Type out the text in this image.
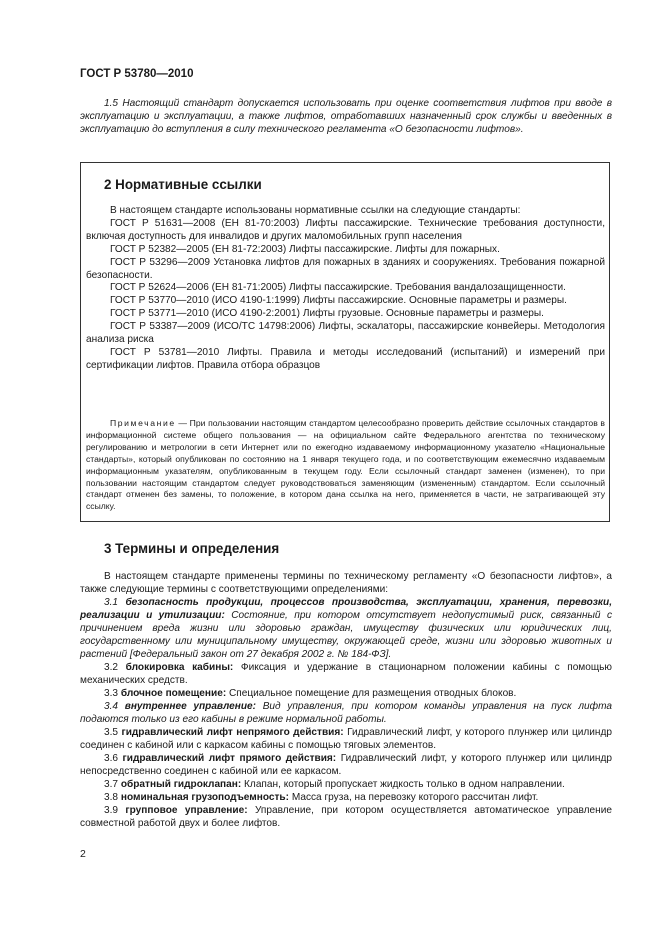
ГОСТ Р 53780—2010

1.5 Настоящий стандарт допускается использовать при оценке соответствия лифтов при вводе в эксплуатацию и эксплуатации, а также лифтов, отработавших назначенный срок службы и введенных в эксплуатацию до вступления в силу технического регламента «О безопасности лифтов».

2 Нормативные ссылки

В настоящем стандарте использованы нормативные ссылки на следующие стандарты:

ГОСТ Р 51631—2008 (ЕН 81-70:2003) Лифты пассажирские. Технические требования доступности, включая доступность для инвалидов и других маломобильных групп населения

ГОСТ Р 52382—2005 (ЕН 81-72:2003) Лифты пассажирские. Лифты для пожарных.

ГОСТ Р 53296—2009 Установка лифтов для пожарных в зданиях и сооружениях. Требования пожарной безопасности.

ГОСТ Р 52624—2006 (ЕН 81-71:2005) Лифты пассажирские. Требования вандалозащищенности.

ГОСТ Р 53770—2010 (ИСО 4190-1:1999) Лифты пассажирские. Основные параметры и размеры.

ГОСТ Р 53771—2010 (ИСО 4190-2:2001) Лифты грузовые. Основные параметры и размеры.

ГОСТ Р 53387—2009 (ИСО/ТС 14798:2006) Лифты, эскалаторы, пассажирские конвейеры. Методология анализа риска

ГОСТ Р 53781—2010 Лифты. Правила и методы исследований (испытаний) и измерений при сертификации лифтов. Правила отбора образцов

Примечание — При пользовании настоящим стандартом целесообразно проверить действие ссылочных стандартов в информационной системе общего пользования — на официальном сайте Федерального агентства по техническому регулированию и метрологии в сети Интернет или по ежегодно издаваемому информационному указателю «Национальные стандарты», который опубликован по состоянию на 1 января текущего года, и по соответствующим ежемесячно издаваемым информационным указателям, опубликованным в текущем году. Если ссылочный стандарт заменен (изменен), то при пользовании настоящим стандартом следует руководствоваться заменяющим (измененным) стандартом. Если ссылочный стандарт отменен без замены, то положение, в котором дана ссылка на него, применяется в части, не затрагивающей эту ссылку.

3 Термины и определения

В настоящем стандарте применены термины по техническому регламенту «О безопасности лифтов», а также следующие термины с соответствующими определениями:

3.1 безопасность продукции, процессов производства, эксплуатации, хранения, перевозки, реализации и утилизации: Состояние, при котором отсутствует недопустимый риск, связанный с причинением вреда жизни или здоровью граждан, имуществу физических или юридических лиц, государственному или муниципальному имуществу, окружающей среде, жизни или здоровью животных и растений [Федеральный закон от 27 декабря 2002 г. № 184-ФЗ].

3.2 блокировка кабины: Фиксация и удержание в стационарном положении кабины с помощью механических средств.

3.3 блочное помещение: Специальное помещение для размещения отводных блоков.

3.4 внутреннее управление: Вид управления, при котором команды управления на пуск лифта подаются только из его кабины в режиме нормальной работы.

3.5 гидравлический лифт непрямого действия: Гидравлический лифт, у которого плунжер или цилиндр соединен с кабиной или с каркасом кабины с помощью тяговых элементов.

3.6 гидравлический лифт прямого действия: Гидравлический лифт, у которого плунжер или цилиндр непосредственно соединен с кабиной или ее каркасом.

3.7 обратный гидроклапан: Клапан, который пропускает жидкость только в одном направлении.

3.8 номинальная грузоподъемность: Масса груза, на перевозку которого рассчитан лифт.

3.9 групповое управление: Управление, при котором осуществляется автоматическое управление совместной работой двух и более лифтов.

2
